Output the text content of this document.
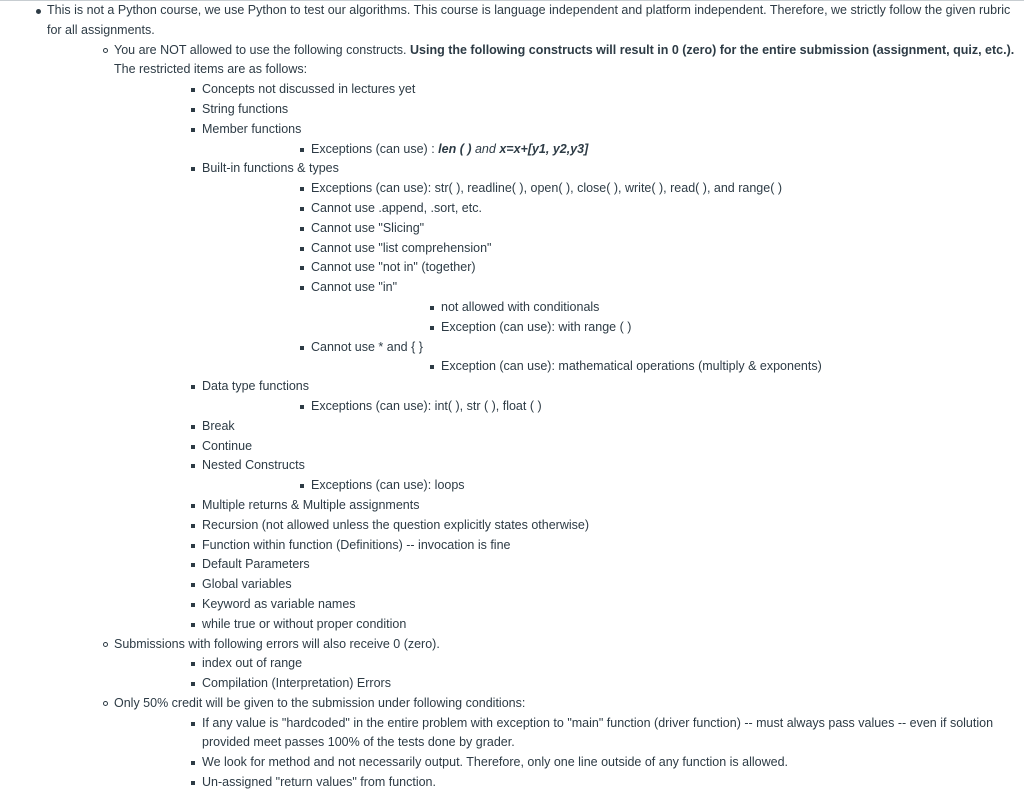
This is not a Python course, we use Python to test our algorithms. This course is language independent and platform independent. Therefore, we strictly follow the given rubric for all assignments.
You are NOT allowed to use the following constructs. Using the following constructs will result in 0 (zero) for the entire submission (assignment, quiz, etc.). The restricted items are as follows:
Concepts not discussed in lectures yet
String functions
Member functions
Exceptions (can use) : len ( ) and x=x+[y1, y2,y3]
Built-in functions & types
Exceptions (can use): str( ), readline( ), open( ), close( ), write( ), read( ), and range( )
Cannot use .append, .sort, etc.
Cannot use "Slicing"
Cannot use "list comprehension"
Cannot use "not in" (together)
Cannot use "in"
not allowed with conditionals
Exception (can use): with range ( )
Cannot use * and { }
Exception (can use): mathematical operations (multiply & exponents)
Data type functions
Exceptions (can use): int( ), str ( ), float ( )
Break
Continue
Nested Constructs
Exceptions (can use): loops
Multiple returns & Multiple assignments
Recursion (not allowed unless the question explicitly states otherwise)
Function within function (Definitions) -- invocation is fine
Default Parameters
Global variables
Keyword as variable names
while true or without proper condition
Submissions with following errors will also receive 0 (zero).
index out of range
Compilation (Interpretation) Errors
Only 50% credit will be given to the submission under following conditions:
If any value is "hardcoded" in the entire problem with exception to "main" function (driver function) -- must always pass values -- even if solution provided meet passes 100% of the tests done by grader.
We look for method and not necessarily output. Therefore, only one line outside of any function is allowed.
Un-assigned "return values" from function.
